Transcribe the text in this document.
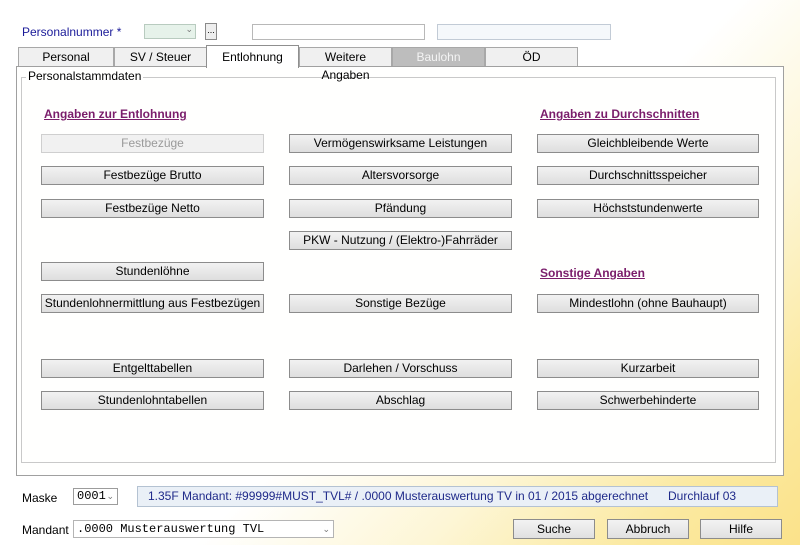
Personalnummer *	⌄ ...
Personalstammdaten
Personal	SV / Steuer	Entlohnung	Weitere Angaben
Baulohn	ÖD
Angaben zur Entlohnung	Angaben zu Durchschnitten
Sonstige Angaben
Festbezüge
Festbezüge Brutto
Festbezüge Netto
Stundenlöhne
Stundenlohnermittlung aus Festbezügen
Entgelttabellen
Stundenlohntabellen
Vermögenswirksame Leistungen
Altersvorsorge
Pfändung
PKW - Nutzung / (Elektro-)Fahrräder
Sonstige Bezüge
Darlehen / Vorschuss
Abschlag
Gleichbleibende Werte
Durchschnittsspeicher
Höchststundenwerte
Mindestlohn (ohne Bauhaupt)
Kurzarbeit
Schwerbehinderte
Maske	0001 ⌄	1.35F Mandant: #99999#MUST_TVL# / .0000 Musterauswertung TV in 01 / 2015 abgerechnet Durchlauf 03
Mandant .0000 Musterauswertung TVL	⌄	Suche	Abbruch	Hilfe
